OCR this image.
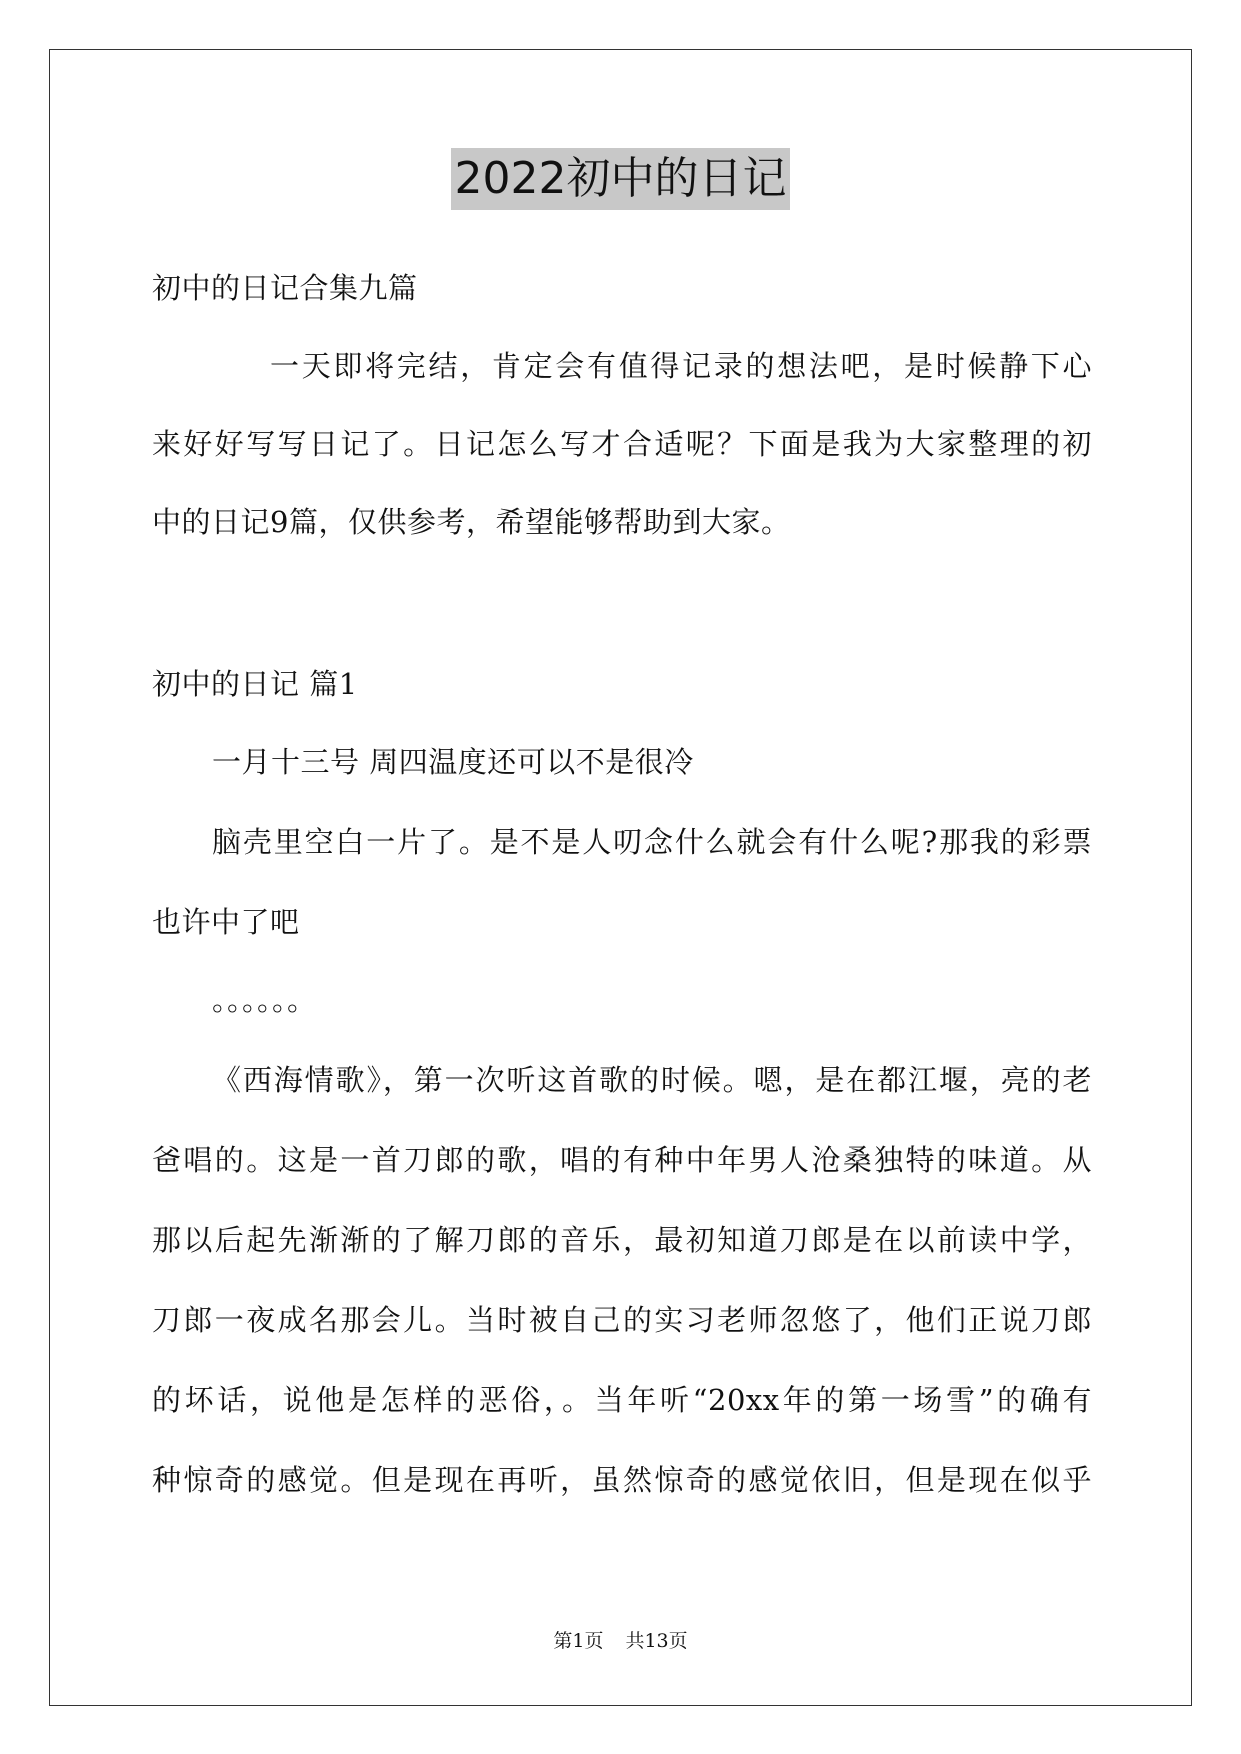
2022初中的日记
初中的日记合集九篇
一天即将完结，肯定会有值得记录的想法吧，是时候静下心
来好好写写日记了。日记怎么写才合适呢？下面是我为大家整理的初
中的日记9篇，仅供参考，希望能够帮助到大家。
初中的日记 篇1
一月十三号 周四温度还可以不是很冷
脑壳里空白一片了。是不是人叨念什么就会有什么呢?那我的彩票
也许中了吧
。。。。。。
《西海情歌》，第一次听这首歌的时候。嗯，是在都江堰，亮的老
爸唱的。这是一首刀郎的歌，唱的有种中年男人沧桑独特的味道。从
那以后起先渐渐的了解刀郎的音乐，最初知道刀郎是在以前读中学，
刀郎一夜成名那会儿。当时被自己的实习老师忽悠了，他们正说刀郎
的坏话，说他是怎样的恶俗，。当年听“20xx年的第一场雪”的确有
种惊奇的感觉。但是现在再听，虽然惊奇的感觉依旧，但是现在似乎
第1页 共13页
